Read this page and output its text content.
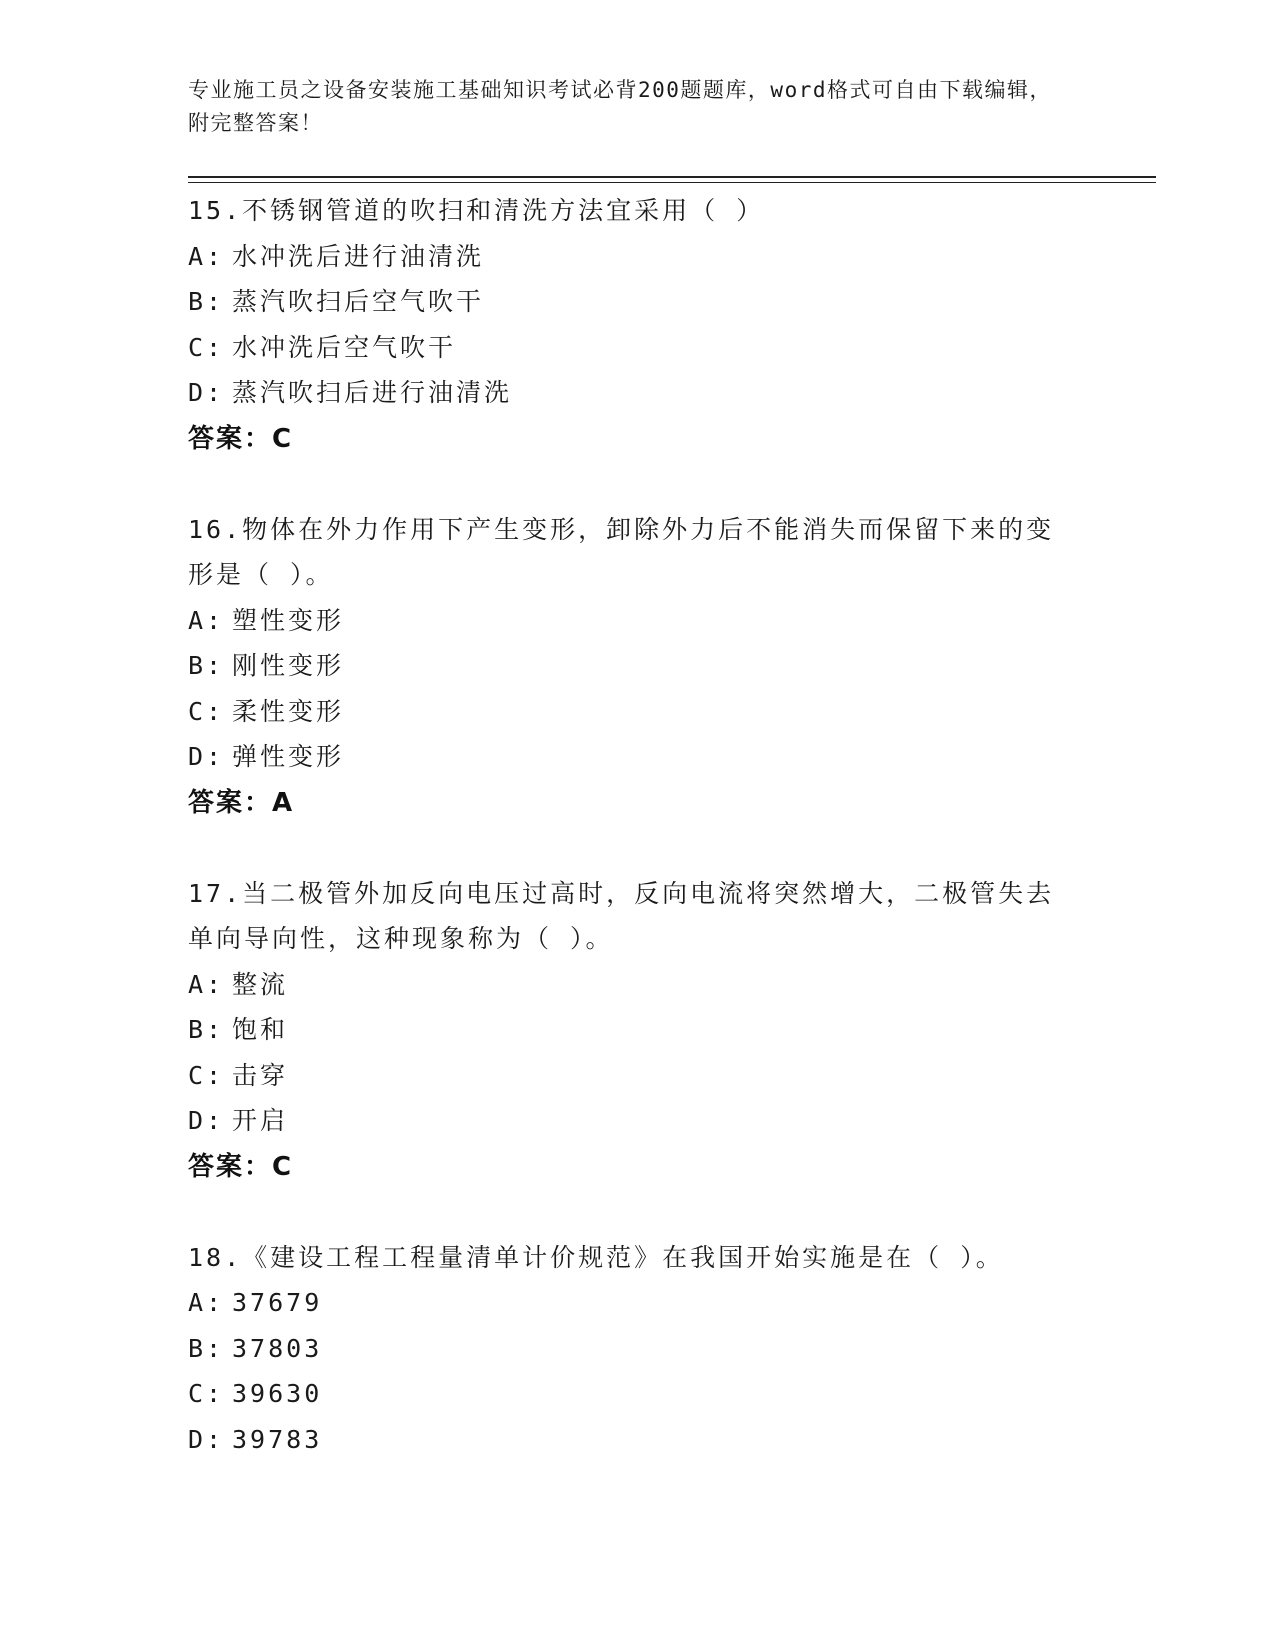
专业施工员之设备安装施工基础知识考试必背200题题库，word格式可自由下载编辑，附完整答案！
15.不锈钢管道的吹扫和清洗方法宜采用（ ）
A: 水冲洗后进行油清洗
B: 蒸汽吹扫后空气吹干
C: 水冲洗后空气吹干
D: 蒸汽吹扫后进行油清洗
答案：C
16.物体在外力作用下产生变形，卸除外力后不能消失而保留下来的变形是（ ）。
A: 塑性变形
B: 刚性变形
C: 柔性变形
D: 弹性变形
答案：A
17.当二极管外加反向电压过高时，反向电流将突然增大，二极管失去单向导向性，这种现象称为（ ）。
A: 整流
B: 饱和
C: 击穿
D: 开启
答案：C
18.《建设工程工程量清单计价规范》在我国开始实施是在（ ）。
A: 37679
B: 37803
C: 39630
D: 39783
